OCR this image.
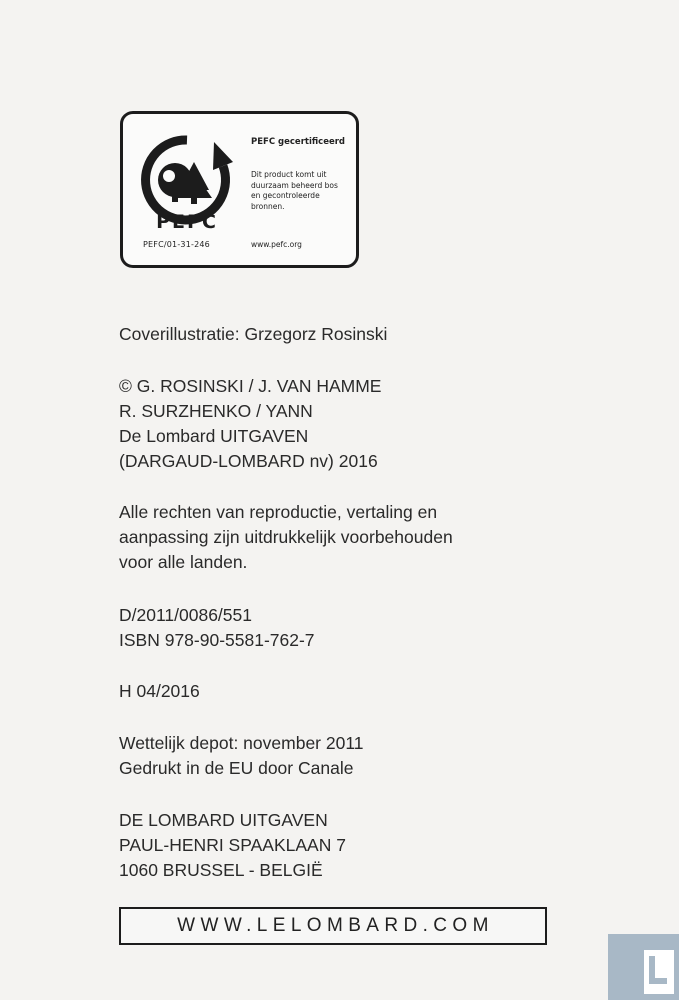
PEFC
PEFC/01-31-246
PEFC gecertificeerd
Dit product komt uit
duurzaam beheerd bos
en gecontroleerde
bronnen.
www.pefc.org
Coverillustratie: Grzegorz Rosinski
© G. ROSINSKI / J. VAN HAMME
R. SURZHENKO / YANN
De Lombard UITGAVEN
(DARGAUD-LOMBARD nv) 2016
Alle rechten van reproductie, vertaling en
aanpassing zijn uitdrukkelijk voorbehouden
voor alle landen.
D/2011/0086/551
ISBN 978-90-5581-762-7
H 04/2016
Wettelijk depot: november 2011
Gedrukt in de EU door Canale
DE LOMBARD UITGAVEN
PAUL-HENRI SPAAKLAAN 7
1060 BRUSSEL - BELGIË
WWW.LELOMBARD.COM
